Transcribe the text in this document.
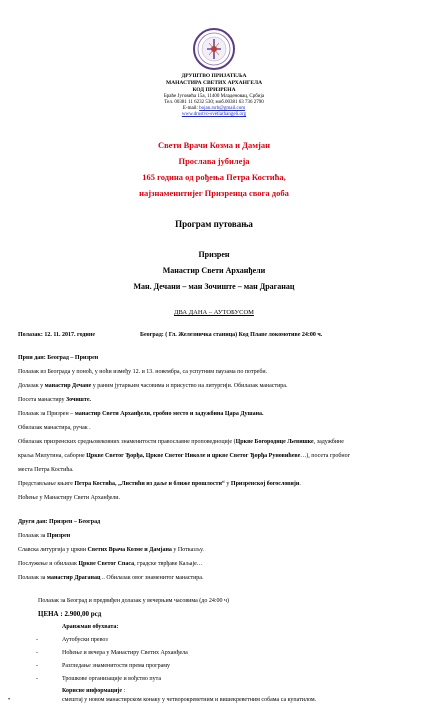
ДРУШТВО ПРИЈАТЕЉА
МАНАСТИРА СВЕТИХ АРХАНГЕЛА
КОД ПРИЗРЕНА
Браће Југовића 15а, 11400 Младеновац, Србија
Тел. 00381 11 6232 530; моб.00381 63 736 2790
E-mail: bojan.rsrb@gmail.com
www.drustvo-svetiarhangeli.org
Свети Врачи Козма и Дамјан
Прослава јубилеја
165 година од рођења Петра Костића,
најзнаменитијег Призренца свога доба
Програм путовања
Призрен
Манастир Свети Арханђели
Ман. Дечани – ман Зочиште – ман Драганац
ДВА ДАНА – АУТОБУСОМ
Полазак: 12. 11. 2017. године	Београд: ( Гл. Железничка станица) Код Плаве локомотиве 24:00 ч.
Први дан: Београд – Призрен
Полазак из Београда у поноћ, у ноћи између 12. и 13. новембра, са успутним паузама по потреби.
Долазак у манастир Дечане у раним јутарњим часовима и присуство на литургији. Обилазак манастира.
Посета манастиру Зочиште.
Полазак за Призрен – манастир Свети Арханђели, гробно место и задужбина Цара Душана.
Обилазак манастира, ручак .
Обилазак призренских средњовековних знаменитости православне проповедноције (Цркве Богородице Љевишке, задужбине
краља Милутина, саборне Цркве Светог Ђорђа, Цркве Светог Николе и цркве Светог Ђорђа Руновићеве…), посета гробног
места Петра Костића.
Представљање књиге Петра Костића, „Листићи из даље и ближе прошлости“ у Призренској богословији.
Ноћење у Манастиру Свети Арханђели.
Други дан: Призрен – Београд
Полазак за Призрен
Славска литургија у цркви Светих Врача Козме и Дамјана у Потказљу.
Послужење и обилазак Цркве Светог Спаса, градске тврђаве Каљаје…
Полазак за манастир Драганац .. Обилазак овог знаменитог манастира.
Полазак за Београд и предвиђен долазак у вечерњим часовима (до 24:00 ч)
ЦЕНА : 2.900,00 рсд
Аранжман обухвата:
-	Аутобуски превоз
-	Ноћење и вечера у Манастиру Светих Арханђела
-	Разгледање знаменитости према програму
-	Трошкове организације и вођство пута
Корисне информације :
•	смештај у новом манастирском конаку у четворокреветним и вишекреветним собама са купатилом.
